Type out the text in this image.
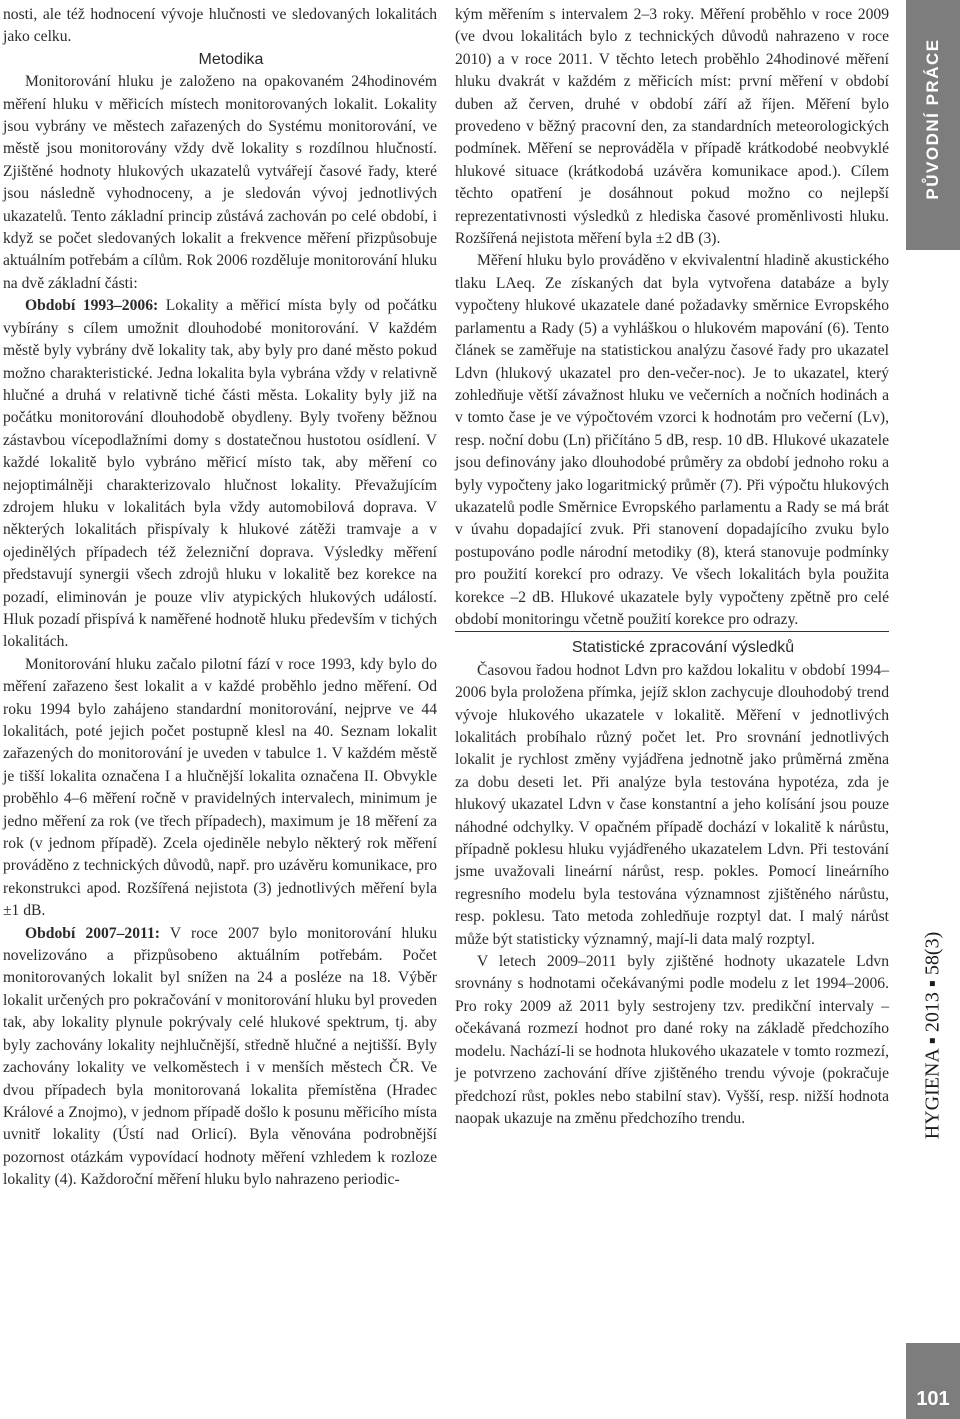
nosti, ale též hodnocení vývoje hlučnosti ve sledovaných lokalitách jako celku.

Metodika

Monitorování hluku je založeno na opakovaném 24hodinovém měření hluku v měřicích místech monitorovaných lokalit. Lokality jsou vybrány ve městech zařazených do Systému monitorování, ve městě jsou monitorovány vždy dvě lokality s rozdílnou hlučností. Zjištěné hodnoty hlukových ukazatelů vytvářejí časové řady, které jsou následně vyhodnoceny, a je sledován vývoj jednotlivých ukazatelů. Tento základní princip zůstává zachován po celé období, i když se počet sledovaných lokalit a frekvence měření přizpůsobuje aktuálním potřebám a cílům. Rok 2006 rozděluje monitorování hluku na dvě základní části:

Období 1993–2006: Lokality a měřicí místa byly od počátku vybírány s cílem umožnit dlouhodobé monitorování. V každém městě byly vybrány dvě lokality tak, aby byly pro dané město pokud možno charakteristické. Jedna lokalita byla vybrána vždy v relativně hlučné a druhá v relativně tiché části města. Lokality byly již na počátku monitorování dlouhodobě obydleny. Byly tvořeny běžnou zástavbou vícepodlažními domy s dostatečnou hustotou osídlení. V každé lokalitě bylo vybráno měřicí místo tak, aby měření co nejoptimálněji charakterizovalo hlučnost lokality. Převažujícím zdrojem hluku v lokalitách byla vždy automobilová doprava. V některých lokalitách přispívaly k hlukové zátěži tramvaje a v ojedinělých případech též železniční doprava. Výsledky měření představují synergii všech zdrojů hluku v lokalitě bez korekce na pozadí, eliminován je pouze vliv atypických hlukových událostí. Hluk pozadí přispívá k naměřené hodnotě hluku především v tichých lokalitách.

Monitorování hluku začalo pilotní fází v roce 1993, kdy bylo do měření zařazeno šest lokalit a v každé proběhlo jedno měření. Od roku 1994 bylo zahájeno standardní monitorování, nejprve ve 44 lokalitách, poté jejich počet postupně klesl na 40. Seznam lokalit zařazených do monitorování je uveden v tabulce 1. V každém městě je tišší lokalita označena I a hlučnější lokalita označena II. Obvykle proběhlo 4–6 měření ročně v pravidelných intervalech, minimum je jedno měření za rok (ve třech případech), maximum je 18 měření za rok (v jednom případě). Zcela ojediněle nebylo některý rok měření prováděno z technických důvodů, např. pro uzávěru komunikace, pro rekonstrukci apod. Rozšířená nejistota (3) jednotlivých měření byla ±1 dB.

Období 2007–2011: V roce 2007 bylo monitorování hluku novelizováno a přizpůsobeno aktuálním potřebám. Počet monitorovaných lokalit byl snížen na 24 a posléze na 18. Výběr lokalit určených pro pokračování v monitorování hluku byl proveden tak, aby lokality plynule pokrývaly celé hlukové spektrum, tj. aby byly zachovány lokality nejhlučnější, středně hlučné a nejtišší. Byly zachovány lokality ve velkoměstech i v menších městech ČR. Ve dvou případech byla monitorovaná lokalita přemístěna (Hradec Králové a Znojmo), v jednom případě došlo k posunu měřicího místa uvnitř lokality (Ústí nad Orlicí). Byla věnována podrobnější pozornost otázkám vypovídací hodnoty měření vzhledem k rozloze lokality (4). Každoroční měření hluku bylo nahrazeno periodic-

kým měřením s intervalem 2–3 roky. Měření proběhlo v roce 2009 (ve dvou lokalitách bylo z technických důvodů nahrazeno v roce 2010) a v roce 2011. V těchto letech proběhlo 24hodinové měření hluku dvakrát v každém z měřicích míst: první měření v období duben až červen, druhé v období září až říjen. Měření bylo provedeno v běžný pracovní den, za standardních meteorologických podmínek. Měření se neprováděla v případě krátkodobé neobvyklé hlukové situace (krátkodobá uzávěra komunikace apod.). Cílem těchto opatření je dosáhnout pokud možno co nejlepší reprezentativnosti výsledků z hlediska časové proměnlivosti hluku. Rozšířená nejistota měření byla ±2 dB (3).

Měření hluku bylo prováděno v ekvivalentní hladině akustického tlaku LAeq. Ze získaných dat byla vytvořena databáze a byly vypočteny hlukové ukazatele dané požadavky směrnice Evropského parlamentu a Rady (5) a vyhláškou o hlukovém mapování (6). Tento článek se zaměřuje na statistickou analýzu časové řady pro ukazatel Ldvn (hlukový ukazatel pro den-večer-noc). Je to ukazatel, který zohledňuje větší závažnost hluku ve večerních a nočních hodinách a v tomto čase je ve výpočtovém vzorci k hodnotám pro večerní (Lv), resp. noční dobu (Ln) přičítáno 5 dB, resp. 10 dB. Hlukové ukazatele jsou definovány jako dlouhodobé průměry za období jednoho roku a byly vypočteny jako logaritmický průměr (7). Při výpočtu hlukových ukazatelů podle Směrnice Evropského parlamentu a Rady se má brát v úvahu dopadající zvuk. Při stanovení dopadajícího zvuku bylo postupováno podle národní metodiky (8), která stanovuje podmínky pro použití korekcí pro odrazy. Ve všech lokalitách byla použita korekce –2 dB. Hlukové ukazatele byly vypočteny zpětně pro celé období monitoringu včetně použití korekce pro odrazy.

Statistické zpracování výsledků

Časovou řadou hodnot Ldvn pro každou lokalitu v období 1994–2006 byla proložena přímka, jejíž sklon zachycuje dlouhodobý trend vývoje hlukového ukazatele v lokalitě. Měření v jednotlivých lokalitách probíhalo různý počet let. Pro srovnání jednotlivých lokalit je rychlost změny vyjádřena jednotně jako průměrná změna za dobu deseti let. Při analýze byla testována hypotéza, zda je hlukový ukazatel Ldvn v čase konstantní a jeho kolísání jsou pouze náhodné odchylky. V opačném případě dochází v lokalitě k nárůstu, případně poklesu hluku vyjádřeného ukazatelem Ldvn. Při testování jsme uvažovali lineární nárůst, resp. pokles. Pomocí lineárního regresního modelu byla testována významnost zjištěného nárůstu, resp. poklesu. Tato metoda zohledňuje rozptyl dat. I malý nárůst může být statisticky významný, mají-li data malý rozptyl.

V letech 2009–2011 byly zjištěné hodnoty ukazatele Ldvn srovnány s hodnotami očekávanými podle modelu z let 1994–2006. Pro roky 2009 až 2011 byly sestrojeny tzv. predikční intervaly – očekávaná rozmezí hodnot pro dané roky na základě předchozího modelu. Nachází-li se hodnota hlukového ukazatele v tomto rozmezí, je potvrzeno zachování dříve zjištěného trendu vývoje (pokračuje předchozí růst, pokles nebo stabilní stav). Vyšší, resp. nižší hodnota naopak ukazuje na změnu předchozího trendu.

PŮVODNÍ PRÁCE
HYGIENA ▪ 2013 ▪ 58(3)
101
